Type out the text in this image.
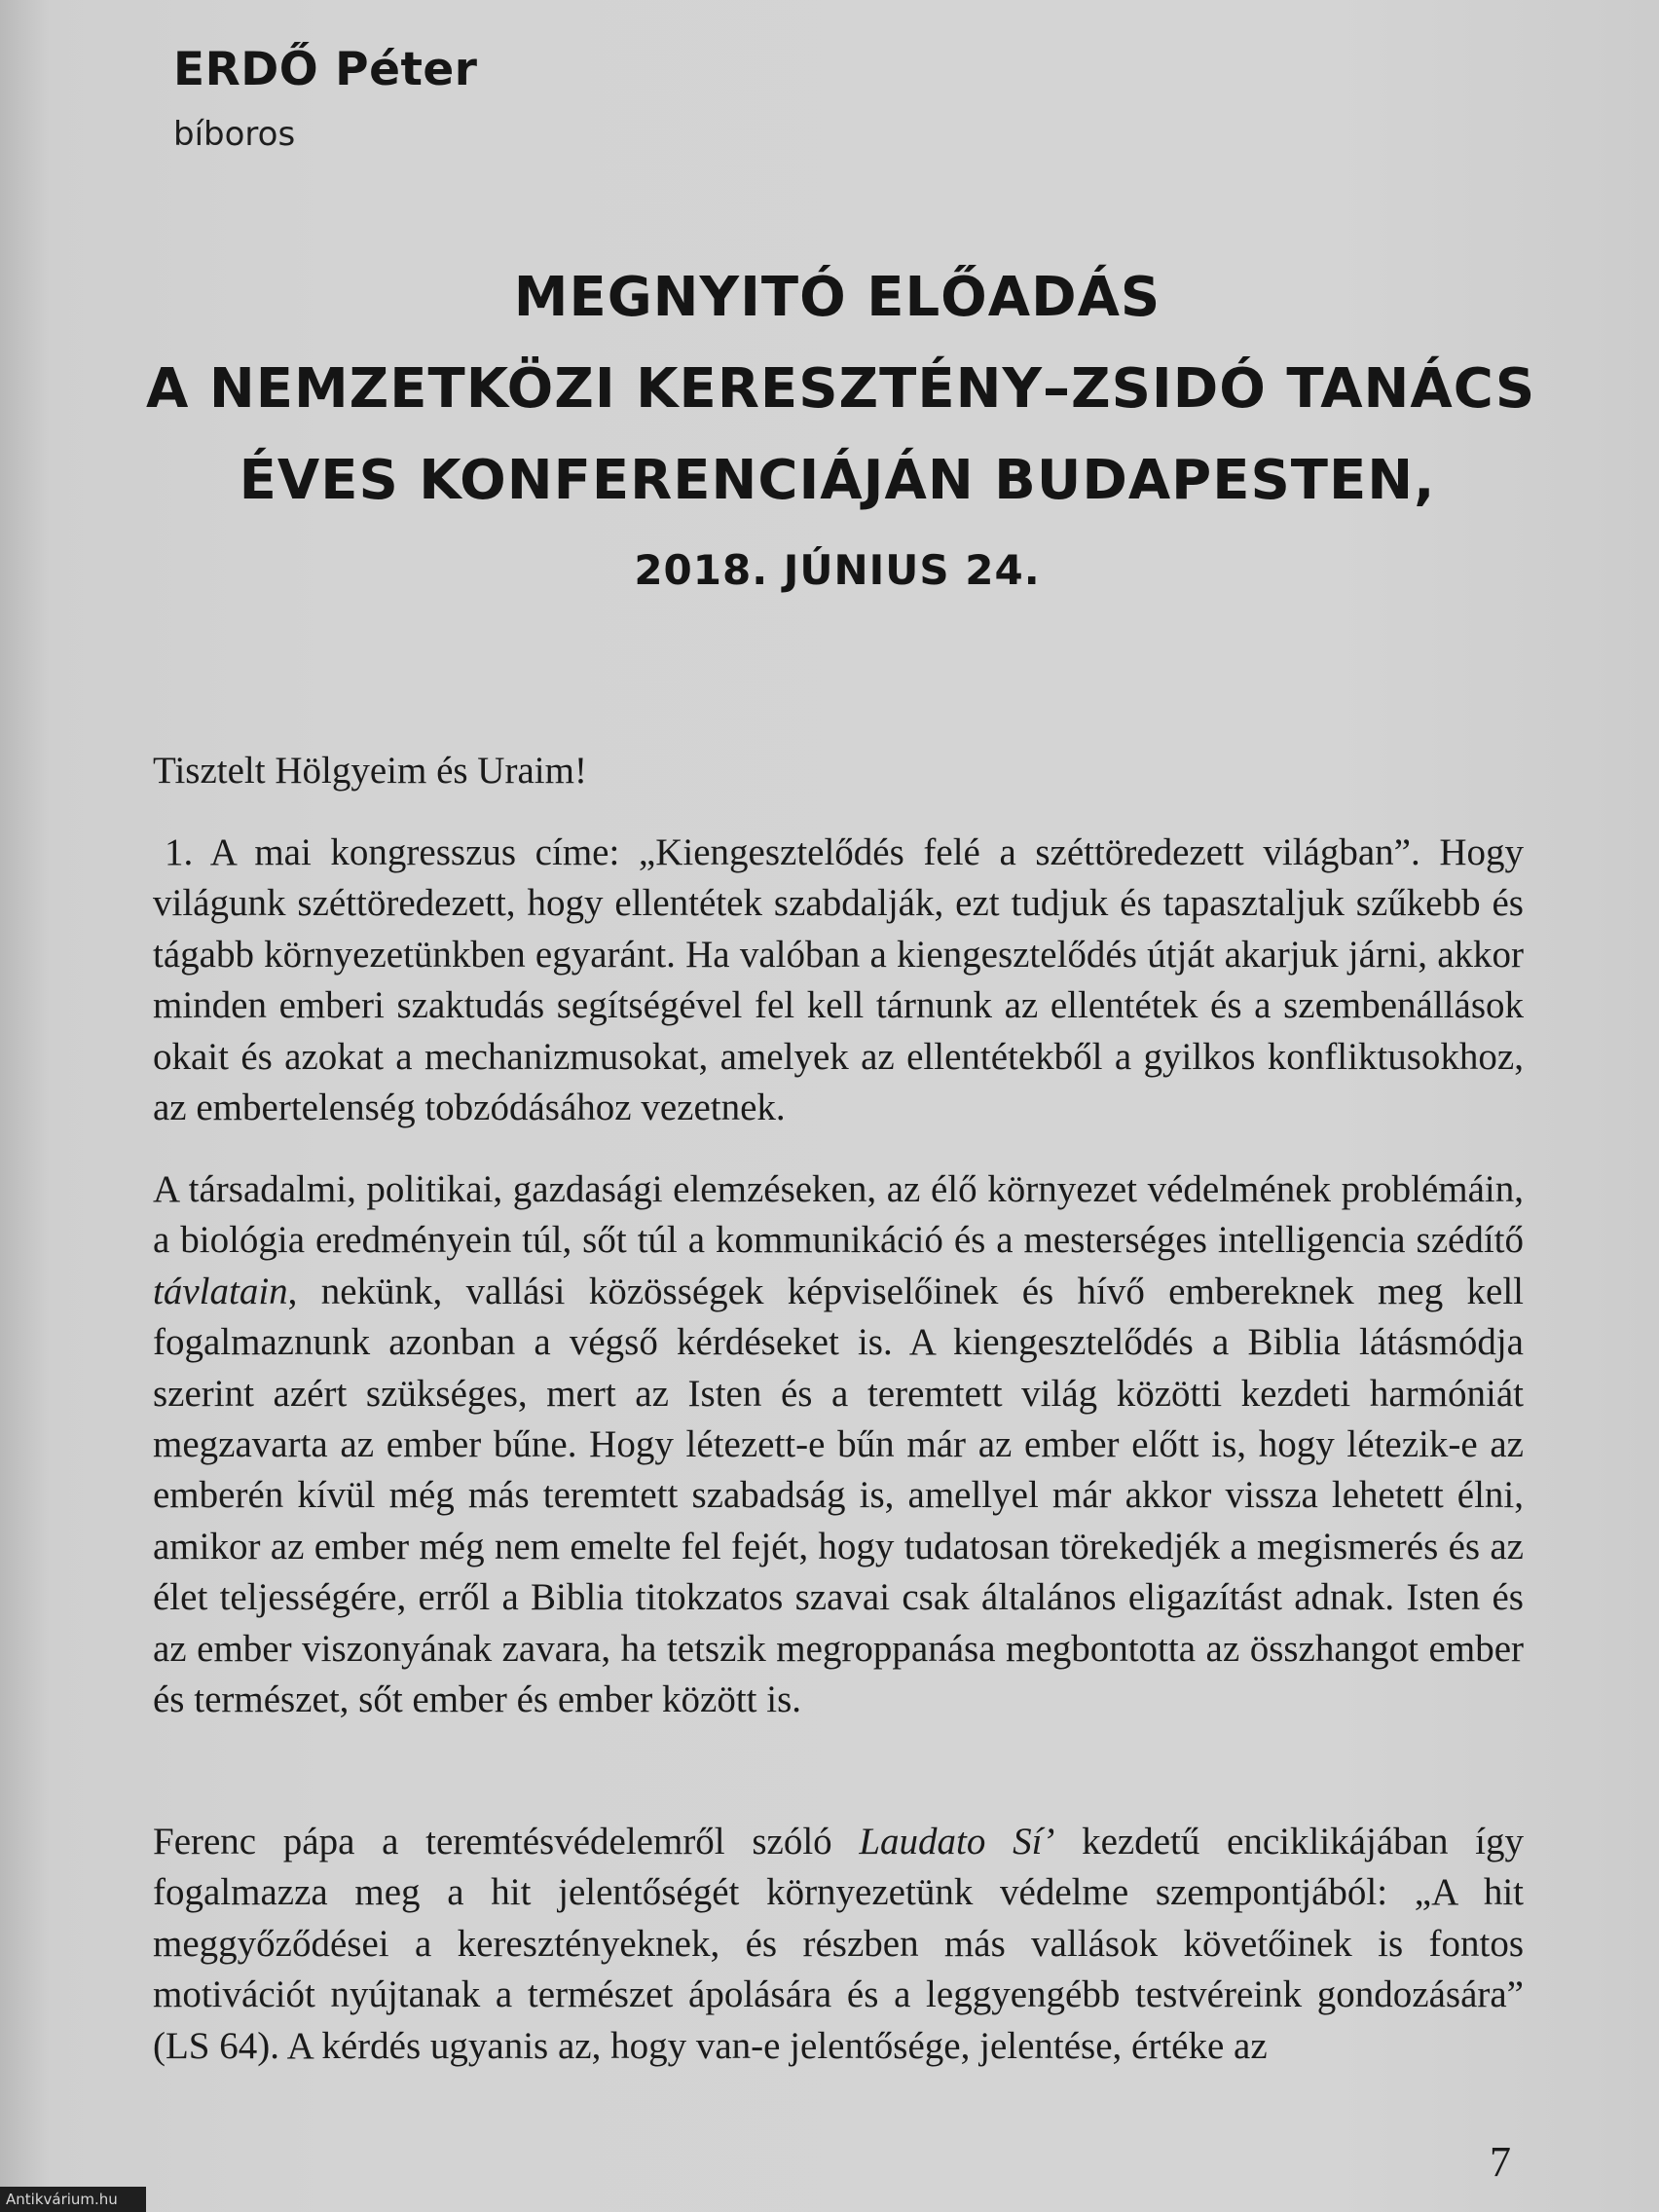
ERDŐ Péter
bíboros
MEGNYITÓ ELŐADÁS
A NEMZETKÖZI KERESZTÉNY–ZSIDÓ TANÁCS
ÉVES KONFERENCIÁJÁN BUDAPESTEN,
2018. JÚNIUS 24.

Tisztelt Hölgyeim és Uraim!

1. A mai kongresszus címe: „Kiengesztelődés felé a széttöredezett világban”. Hogy világunk széttöredezett, hogy ellentétek szabdalják, ezt tudjuk és tapasztaljuk szűkebb és tágabb környezetünkben egyaránt. Ha valóban a kiengesztelődés útját akarjuk járni, akkor minden emberi szaktudás segítségével fel kell tárnunk az ellentétek és a szembenállások okait és azokat a mechanizmusokat, amelyek az ellentétekből a gyilkos konfliktusokhoz, az embertelenség tobzódásához vezetnek.

A társadalmi, politikai, gazdasági elemzéseken, az élő környezet védelmének problémáin, a biológia eredményein túl, sőt túl a kommunikáció és a mesterséges intelligencia szédítő távlatain, nekünk, vallási közösségek képviselőinek és hívő embereknek meg kell fogalmaznunk azonban a végső kérdéseket is. A kiengesztelődés a Biblia látásmódja szerint azért szükséges, mert az Isten és a teremtett világ közötti kezdeti harmóniát megzavarta az ember bűne. Hogy létezett-e bűn már az ember előtt is, hogy létezik-e az emberén kívül még más teremtett szabadság is, amellyel már akkor vissza lehetett élni, amikor az ember még nem emelte fel fejét, hogy tudatosan törekedjék a megismerés és az élet teljességére, erről a Biblia titokzatos szavai csak általános eligazítást adnak. Isten és az ember viszonyának zavara, ha tetszik megroppanása megbontotta az összhangot ember és természet, sőt ember és ember között is.

Ferenc pápa a teremtésvédelemről szóló Laudato Sí’ kezdetű enciklikájában így fogalmazza meg a hit jelentőségét környezetünk védelme szempontjából: „A hit meggyőződései a keresztényeknek, és részben más vallások követőinek is fontos motivációt nyújtanak a természet ápolására és a leggyengébb testvéreink gondozására” (LS 64). A kérdés ugyanis az, hogy van-e jelentősége, jelentése, értéke az

7
Antikvárium.hu
